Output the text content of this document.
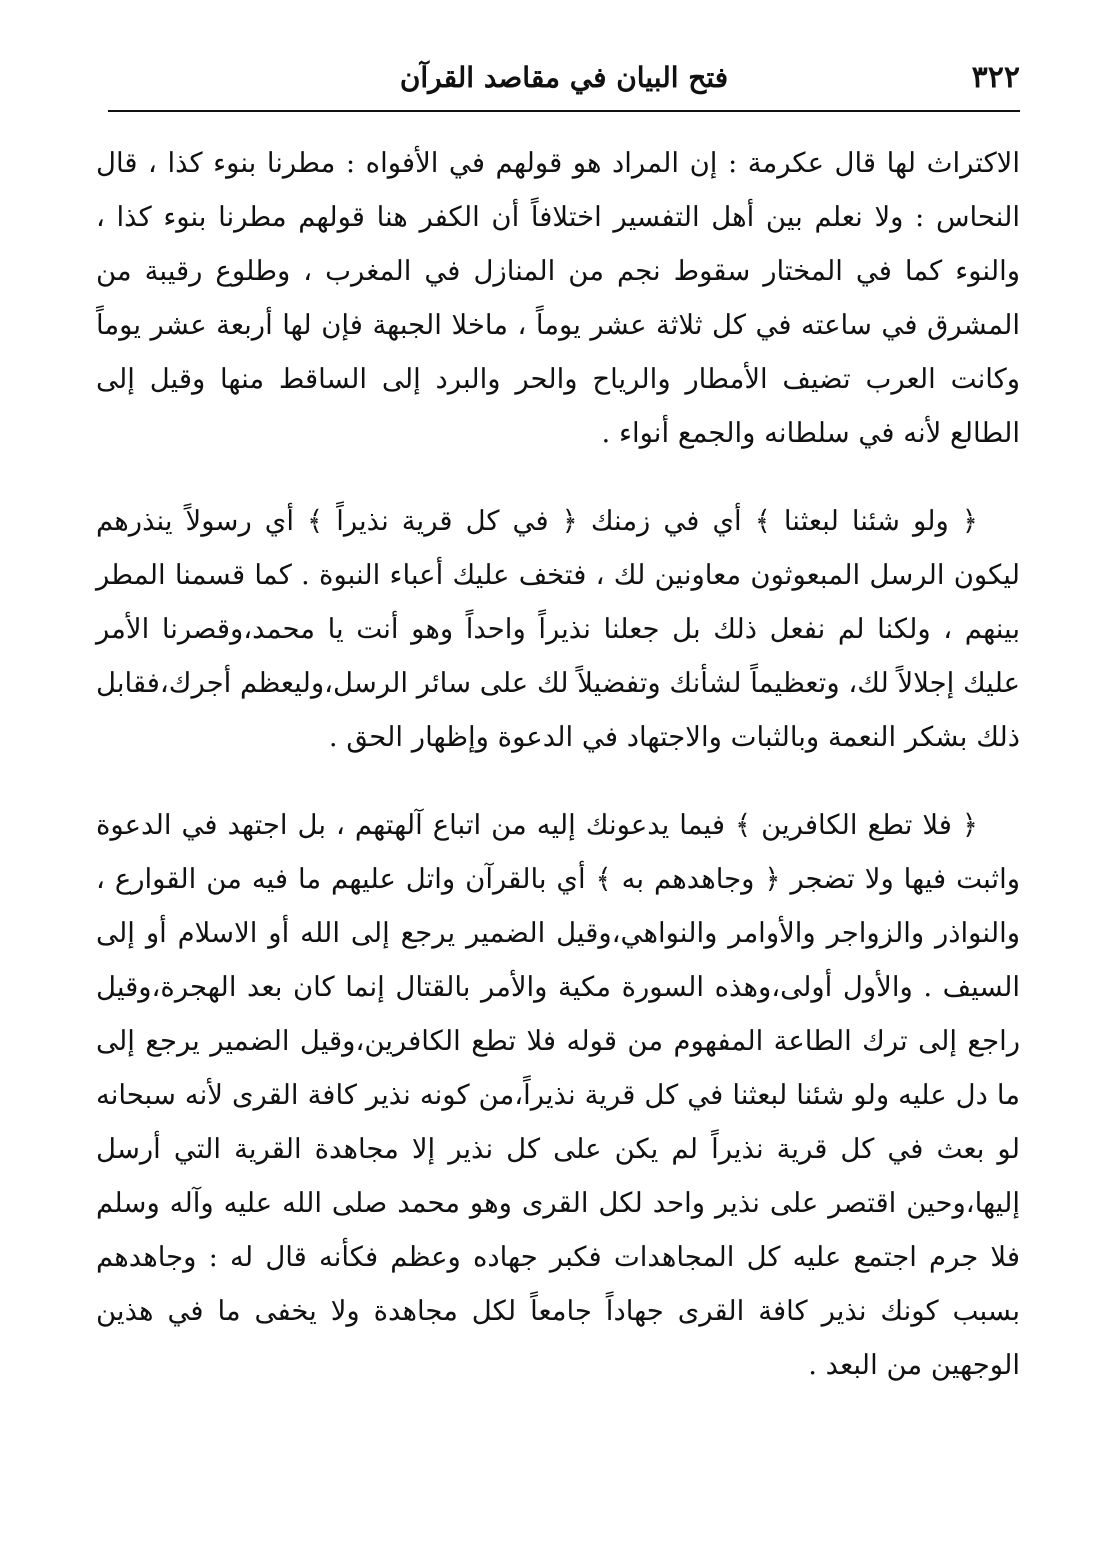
٣٢٢
فتح البيان في مقاصد القرآن

الاكتراث لها قال عكرمة : إن المراد هو قولهم في الأفواه : مطرنا بنوء كذا ، قال النحاس : ولا نعلم بين أهل التفسير اختلافاً أن الكفر هنا قولهم مطرنا بنوء كذا ، والنوء كما في المختار سقوط نجم من المنازل في المغرب ، وطلوع رقيبة من المشرق في ساعته في كل ثلاثة عشر يوماً ، ماخلا الجبهة فإن لها أربعة عشر يوماً وكانت العرب تضيف الأمطار والرياح والحر والبرد إلى الساقط منها وقيل إلى الطالع لأنه في سلطانه والجمع أنواء .

﴿ ولو شئنا لبعثنا ﴾ أي في زمنك ﴿ في كل قرية نذيراً ﴾ أي رسولاً ينذرهم ليكون الرسل المبعوثون معاونين لك ، فتخف عليك أعباء النبوة . كما قسمنا المطر بينهم ، ولكنا لم نفعل ذلك بل جعلنا نذيراً واحداً وهو أنت يا محمد،وقصرنا الأمر عليك إجلالاً لك، وتعظيماً لشأنك وتفضيلاً لك على سائر الرسل،وليعظم أجرك،فقابل ذلك بشكر النعمة وبالثبات والاجتهاد في الدعوة وإظهار الحق .

﴿ فلا تطع الكافرين ﴾ فيما يدعونك إليه من اتباع آلهتهم ، بل اجتهد في الدعوة واثبت فيها ولا تضجر ﴿ وجاهدهم به ﴾ أي بالقرآن واتل عليهم ما فيه من القوارع ، والنواذر والزواجر والأوامر والنواهي،وقيل الضمير يرجع إلى الله أو الاسلام أو إلى السيف . والأول أولى،وهذه السورة مكية والأمر بالقتال إنما كان بعد الهجرة،وقيل راجع إلى ترك الطاعة المفهوم من قوله فلا تطع الكافرين،وقيل الضمير يرجع إلى ما دل عليه ولو شئنا لبعثنا في كل قرية نذيراً،من كونه نذير كافة القرى لأنه سبحانه لو بعث في كل قرية نذيراً لم يكن على كل نذير إلا مجاهدة القرية التي أرسل إليها،وحين اقتصر على نذير واحد لكل القرى وهو محمد صلى الله عليه وآله وسلم فلا جرم اجتمع عليه كل المجاهدات فكبر جهاده وعظم فكأنه قال له : وجاهدهم بسبب كونك نذير كافة القرى جهاداً جامعاً لكل مجاهدة ولا يخفى ما في هذين الوجهين من البعد .
